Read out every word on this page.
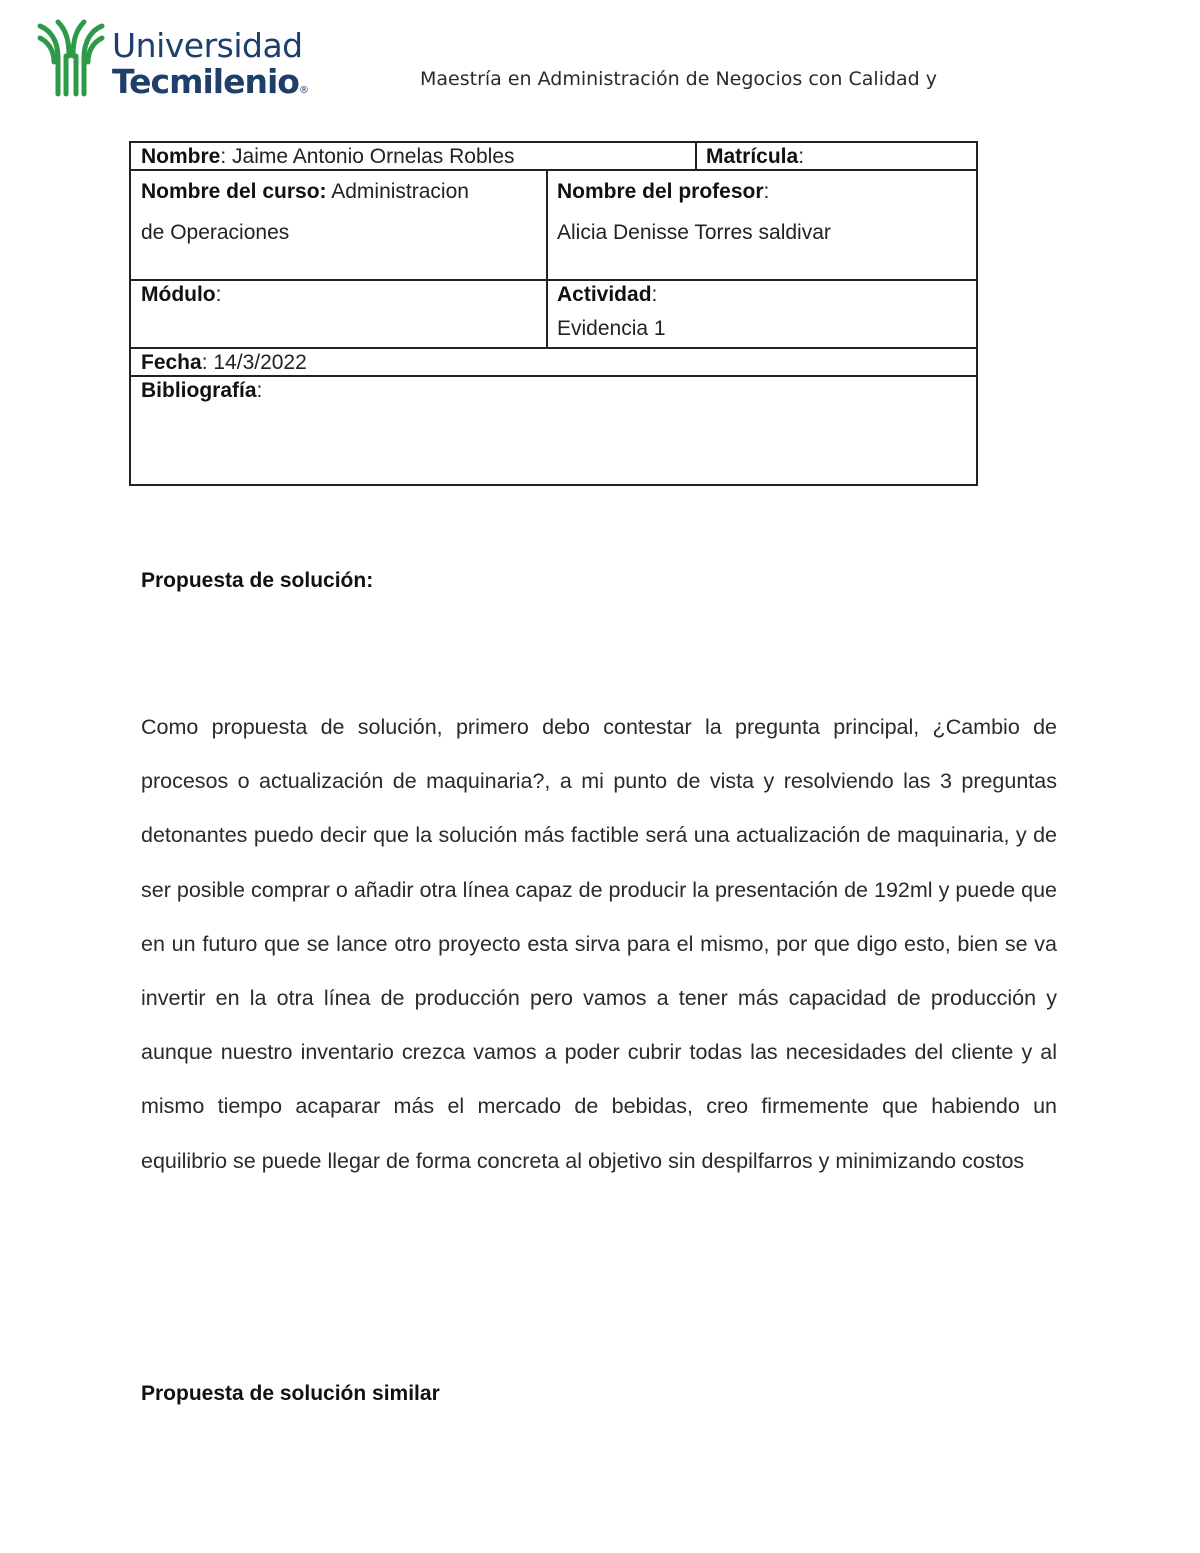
Universidad
Tecmilenio®
Maestría en Administración de Negocios con Calidad y
Nombre: Jaime Antonio Ornelas Robles	Matrícula:
Nombre del curso: Administracion
de Operaciones
Nombre del profesor:
Alicia Denisse Torres saldivar
Módulo:	Actividad:
Evidencia 1
Fecha: 14/3/2022
Bibliografía:
Propuesta de solución:
Como propuesta de solución, primero debo contestar la pregunta principal, ¿Cambio de procesos o actualización de maquinaria?, a mi punto de vista y resolviendo las 3 preguntas detonantes puedo decir que la solución más factible será una actualización de maquinaria, y de ser posible comprar o añadir otra línea capaz de producir la presentación de 192ml y puede que en un futuro que se lance otro proyecto esta sirva para el mismo, por que digo esto, bien se va invertir en la otra línea de producción pero vamos a tener más capacidad de producción y aunque nuestro inventario crezca vamos a poder cubrir todas las necesidades del cliente y al mismo tiempo acaparar más el mercado de bebidas, creo firmemente que habiendo un equilibrio se puede llegar de forma concreta al objetivo sin despilfarros y minimizando costos
Propuesta de solución similar
